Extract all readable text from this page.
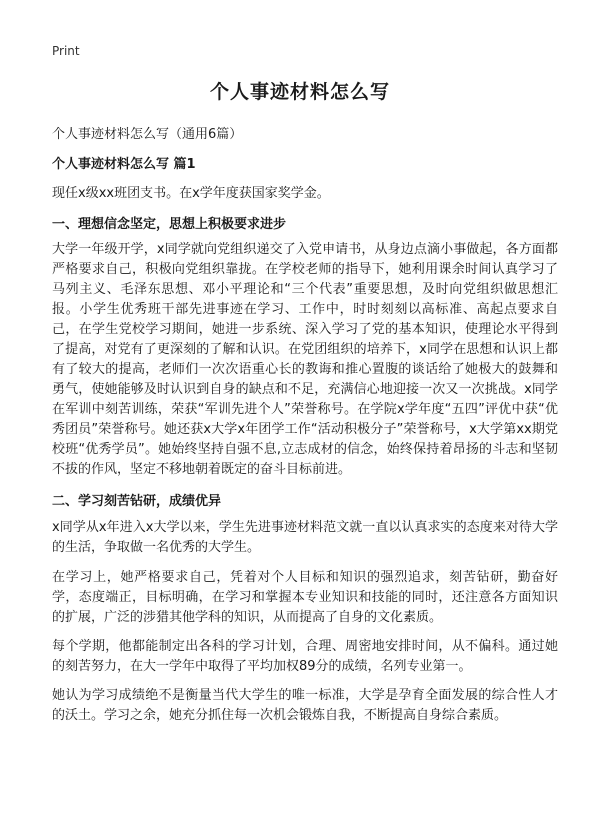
Print
个人事迹材料怎么写
个人事迹材料怎么写（通用6篇）
个人事迹材料怎么写 篇1
现任x级xx班团支书。在x学年度获国家奖学金。
一、理想信念坚定，思想上积极要求进步
大学一年级开学，x同学就向党组织递交了入党申请书，从身边点滴小事做起，各方面都严格要求自己，积极向党组织靠拢。在学校老师的指导下，她利用课余时间认真学习了马列主义、毛泽东思想、邓小平理论和“三个代表”重要思想，及时向党组织做思想汇报。小学生优秀班干部先进事迹在学习、工作中，时时刻刻以高标准、高起点要求自己，在学生党校学习期间，她进一步系统、深入学习了党的基本知识，使理论水平得到了提高，对党有了更深刻的了解和认识。在党团组织的培养下，x同学在思想和认识上都有了较大的提高，老师们一次次语重心长的教诲和推心置腹的谈话给了她极大的鼓舞和勇气，使她能够及时认识到自身的缺点和不足，充满信心地迎接一次又一次挑战。x同学在军训中刻苦训练，荣获“军训先进个人”荣誉称号。在学院x学年度“五四”评优中获“优秀团员”荣誉称号。她还获x大学x年团学工作“活动积极分子”荣誉称号，x大学第xx期党校班“优秀学员”。她始终坚持自强不息,立志成材的信念，始终保持着昂扬的斗志和坚韧不拔的作风，坚定不移地朝着既定的奋斗目标前进。
二、学习刻苦钻研，成绩优异
x同学从x年进入x大学以来，学生先进事迹材料范文就一直以认真求实的态度来对待大学的生活，争取做一名优秀的大学生。
在学习上，她严格要求自己，凭着对个人目标和知识的强烈追求，刻苦钻研，勤奋好学，态度端正，目标明确，在学习和掌握本专业知识和技能的同时，还注意各方面知识的扩展，广泛的涉猎其他学科的知识，从而提高了自身的文化素质。
每个学期，他都能制定出各科的学习计划，合理、周密地安排时间，从不偏科。通过她的刻苦努力，在大一学年中取得了平均加权89分的成绩，名列专业第一。
她认为学习成绩绝不是衡量当代大学生的唯一标准，大学是孕育全面发展的综合性人才的沃土。学习之余，她充分抓住每一次机会锻炼自我，不断提高自身综合素质。
